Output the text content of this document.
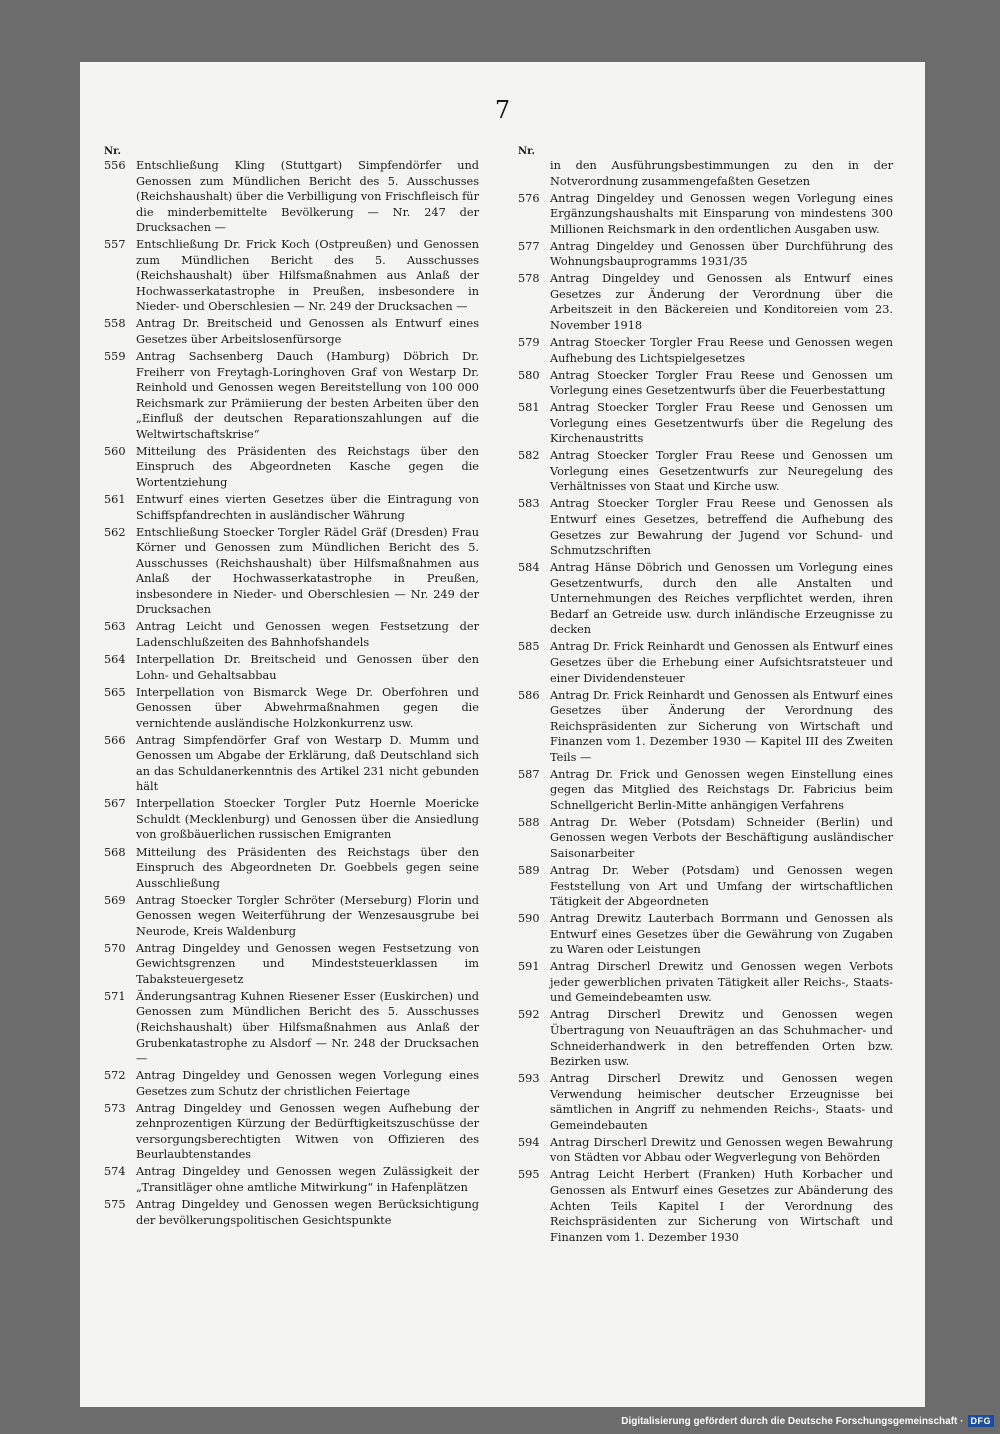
7
Nr.
556 Entschließung Kling (Stuttgart) Simpfendörfer und Genossen zum Mündlichen Bericht des 5. Ausschusses (Reichshaushalt) über die Verbilligung von Frischfleisch für die minderbemittelte Bevölkerung — Nr. 247 der Drucksachen —
557 Entschließung Dr. Frick Koch (Ostpreußen) und Genossen zum Mündlichen Bericht des 5. Ausschusses (Reichshaushalt) über Hilfsmaßnahmen aus Anlaß der Hochwasserkatastrophe in Preußen, insbesondere in Nieder- und Oberschlesien — Nr. 249 der Drucksachen —
558 Antrag Dr. Breitscheid und Genossen als Entwurf eines Gesetzes über Arbeitslosenfürsorge
559 Antrag Sachsenberg Dauch (Hamburg) Döbrich Dr. Freiherr von Freytagh-Loringhoven Graf von Westarp Dr. Reinhold und Genossen wegen Bereitstellung von 100 000 Reichsmark zur Prämiierung der besten Arbeiten über den „Einfluß der deutschen Reparationszahlungen auf die Weltwirtschaftskrise“
560 Mitteilung des Präsidenten des Reichstags über den Einspruch des Abgeordneten Kasche gegen die Wortentziehung
561 Entwurf eines vierten Gesetzes über die Eintragung von Schiffspfandrechten in ausländischer Währung
562 Entschließung Stoecker Torgler Rädel Gräf (Dresden) Frau Körner und Genossen zum Mündlichen Bericht des 5. Ausschusses (Reichshaushalt) über Hilfsmaßnahmen aus Anlaß der Hochwasserkatastrophe in Preußen, insbesondere in Nieder- und Oberschlesien — Nr. 249 der Drucksachen
563 Antrag Leicht und Genossen wegen Festsetzung der Ladenschlußzeiten des Bahnhofshandels
564 Interpellation Dr. Breitscheid und Genossen über den Lohn- und Gehaltsabbau
565 Interpellation von Bismarck Wege Dr. Oberfohren und Genossen über Abwehrmaßnahmen gegen die vernichtende ausländische Holzkonkurrenz usw.
566 Antrag Simpfendörfer Graf von Westarp D. Mumm und Genossen um Abgabe der Erklärung, daß Deutschland sich an das Schuldanerkenntnis des Artikel 231 nicht gebunden hält
567 Interpellation Stoecker Torgler Putz Hoernle Moericke Schuldt (Mecklenburg) und Genossen über die Ansiedlung von großbäuerlichen russischen Emigranten
568 Mitteilung des Präsidenten des Reichstags über den Einspruch des Abgeordneten Dr. Goebbels gegen seine Ausschließung
569 Antrag Stoecker Torgler Schröter (Merseburg) Florin und Genossen wegen Weiterführung der Wenzesausgrube bei Neurode, Kreis Waldenburg
570 Antrag Dingeldey und Genossen wegen Festsetzung von Gewichtsgrenzen und Mindeststeuerklassen im Tabaksteuergesetz
571 Änderungsantrag Kuhnen Riesener Esser (Euskirchen) und Genossen zum Mündlichen Bericht des 5. Ausschusses (Reichshaushalt) über Hilfsmaßnahmen aus Anlaß der Grubenkatastrophe zu Alsdorf — Nr. 248 der Drucksachen —
572 Antrag Dingeldey und Genossen wegen Vorlegung eines Gesetzes zum Schutz der christlichen Feiertage
573 Antrag Dingeldey und Genossen wegen Aufhebung der zehnprozentigen Kürzung der Bedürftigkeitszuschüsse der versorgungsberechtigten Witwen von Offizieren des Beurlaubtenstandes
574 Antrag Dingeldey und Genossen wegen Zulässigkeit der „Transitläger ohne amtliche Mitwirkung“ in Hafenplätzen
575 Antrag Dingeldey und Genossen wegen Berücksichtigung der bevölkerungspolitischen Gesichtspunkte
Nr.
in den Ausführungsbestimmungen zu den in der Notverordnung zusammengefaßten Gesetzen
576 Antrag Dingeldey und Genossen wegen Vorlegung eines Ergänzungshaushalts mit Einsparung von mindestens 300 Millionen Reichsmark in den ordentlichen Ausgaben usw.
577 Antrag Dingeldey und Genossen über Durchführung des Wohnungsbauprogramms 1931/35
578 Antrag Dingeldey und Genossen als Entwurf eines Gesetzes zur Änderung der Verordnung über die Arbeitszeit in den Bäckereien und Konditoreien vom 23. November 1918
579 Antrag Stoecker Torgler Frau Reese und Genossen wegen Aufhebung des Lichtspielgesetzes
580 Antrag Stoecker Torgler Frau Reese und Genossen um Vorlegung eines Gesetzentwurfs über die Feuerbestattung
581 Antrag Stoecker Torgler Frau Reese und Genossen um Vorlegung eines Gesetzentwurfs über die Regelung des Kirchenaustritts
582 Antrag Stoecker Torgler Frau Reese und Genossen um Vorlegung eines Gesetzentwurfs zur Neuregelung des Verhältnisses von Staat und Kirche usw.
583 Antrag Stoecker Torgler Frau Reese und Genossen als Entwurf eines Gesetzes, betreffend die Aufhebung des Gesetzes zur Bewahrung der Jugend vor Schund- und Schmutzschriften
584 Antrag Hänse Döbrich und Genossen um Vorlegung eines Gesetzentwurfs, durch den alle Anstalten und Unternehmungen des Reiches verpflichtet werden, ihren Bedarf an Getreide usw. durch inländische Erzeugnisse zu decken
585 Antrag Dr. Frick Reinhardt und Genossen als Entwurf eines Gesetzes über die Erhebung einer Aufsichtsratsteuer und einer Dividendensteuer
586 Antrag Dr. Frick Reinhardt und Genossen als Entwurf eines Gesetzes über Änderung der Verordnung des Reichspräsidenten zur Sicherung von Wirtschaft und Finanzen vom 1. Dezember 1930 — Kapitel III des Zweiten Teils —
587 Antrag Dr. Frick und Genossen wegen Einstellung eines gegen das Mitglied des Reichstags Dr. Fabricius beim Schnellgericht Berlin-Mitte anhängigen Verfahrens
588 Antrag Dr. Weber (Potsdam) Schneider (Berlin) und Genossen wegen Verbots der Beschäftigung ausländischer Saisonarbeiter
589 Antrag Dr. Weber (Potsdam) und Genossen wegen Feststellung von Art und Umfang der wirtschaftlichen Tätigkeit der Abgeordneten
590 Antrag Drewitz Lauterbach Borrmann und Genossen als Entwurf eines Gesetzes über die Gewährung von Zugaben zu Waren oder Leistungen
591 Antrag Dirscherl Drewitz und Genossen wegen Verbots jeder gewerblichen privaten Tätigkeit aller Reichs-, Staats- und Gemeindebeamten usw.
592 Antrag Dirscherl Drewitz und Genossen wegen Übertragung von Neuaufträgen an das Schuhmacher- und Schneiderhandwerk in den betreffenden Orten bzw. Bezirken usw.
593 Antrag Dirscherl Drewitz und Genossen wegen Verwendung heimischer deutscher Erzeugnisse bei sämtlichen in Angriff zu nehmenden Reichs-, Staats- und Gemeindebauten
594 Antrag Dirscherl Drewitz und Genossen wegen Bewahrung von Städten vor Abbau oder Wegverlegung von Behörden
595 Antrag Leicht Herbert (Franken) Huth Korbacher und Genossen als Entwurf eines Gesetzes zur Abänderung des Achten Teils Kapitel I der Verordnung des Reichspräsidenten zur Sicherung von Wirtschaft und Finanzen vom 1. Dezember 1930
Digitalisierung gefördert durch die Deutsche Forschungsgemeinschaft · DFG
